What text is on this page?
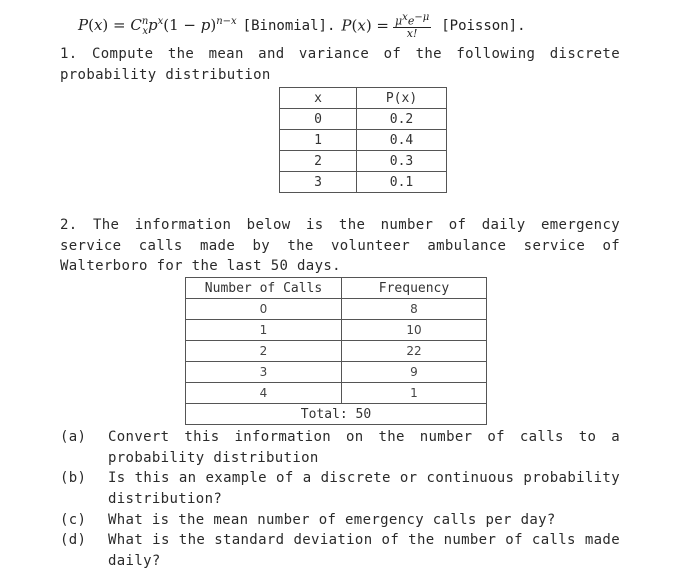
$P(x) = C^n_xp^x(1 - p)^{n-x}$ [Binomial]. $P(x) = \frac{\mu^xe^{-\mu}}{x!}$ [Poisson].
1. Compute the mean and variance of the following discrete probability distribution
x	P(x)
0	0.2
1	0.4
2	0.3
3	0.1
2. The information below is the number of daily emergency service calls made by the volunteer ambulance service of Walterboro for the last 50 days.
Number of Calls	Frequency
0	8
1	10
2	22
3	9
4	1
Total: 50	
(a)	Convert this information on the number of calls to a probability distribution
(b)	Is this an example of a discrete or continuous probability distribution?
(c)	What is the mean number of emergency calls per day?
(d)	What is the standard deviation of the number of calls made daily?
